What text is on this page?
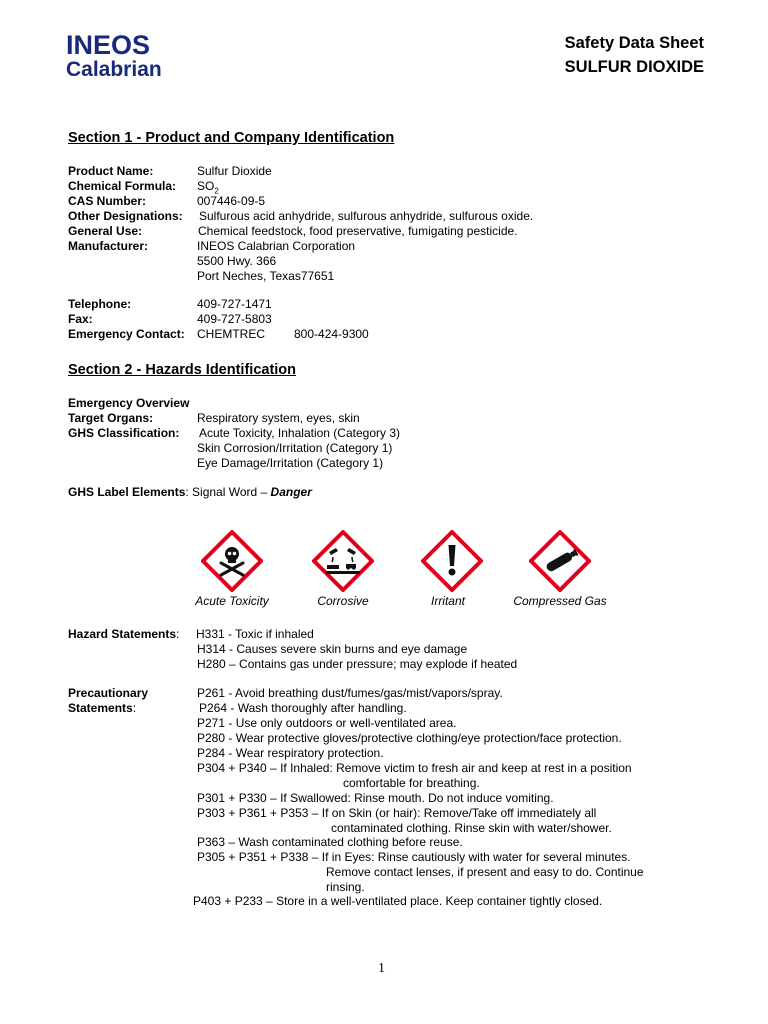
INEOS
Calabrian
Safety Data Sheet
SULFUR DIOXIDE
Section 1 - Product and Company Identification
Product Name:	Sulfur Dioxide
Chemical Formula: $SO_2$
CAS Number:	007446-09-5
Other Designations: Sulfurous acid anhydride, sulfurous anhydride, sulfurous oxide.
General Use:	Chemical feedstock, food preservative, fumigating pesticide.
Manufacturer:	INEOS Calabrian Corporation
5500 Hwy. 366
Port Neches, Texas77651
Telephone:	409-727-1471
Fax:	409-727-5803
Emergency Contact: CHEMTREC 800-424-9300
Section 2 - Hazards Identification
Emergency Overview
Target Organs:	Respiratory system, eyes, skin
GHS Classification: Acute Toxicity, Inhalation (Category 3)
Skin Corrosion/Irritation (Category 1)
Eye Damage/Irritation (Category 1)
GHS Label Elements: Signal Word – Danger
Acute Toxicity	Corrosive	Irritant	Compressed Gas
Hazard Statements: H331 - Toxic if inhaled
H314 - Causes severe skin burns and eye damage
H280 – Contains gas under pressure; may explode if heated
Precautionary
Statements:
P261 - Avoid breathing dust/fumes/gas/mist/vapors/spray.
P264 - Wash thoroughly after handling.
P271 - Use only outdoors or well-ventilated area.
P280 - Wear protective gloves/protective clothing/eye protection/face protection.
P284 - Wear respiratory protection.
P304 + P340 – If Inhaled: Remove victim to fresh air and keep at rest in a position
comfortable for breathing.
P301 + P330 – If Swallowed: Rinse mouth. Do not induce vomiting.
P303 + P361 + P353 – If on Skin (or hair): Remove/Take off immediately all
contaminated clothing. Rinse skin with water/shower.
P363 – Wash contaminated clothing before reuse.
P305 + P351 + P338 – If in Eyes: Rinse cautiously with water for several minutes.
Remove contact lenses, if present and easy to do. Continue
rinsing.
P403 + P233 – Store in a well-ventilated place. Keep container tightly closed.
1
